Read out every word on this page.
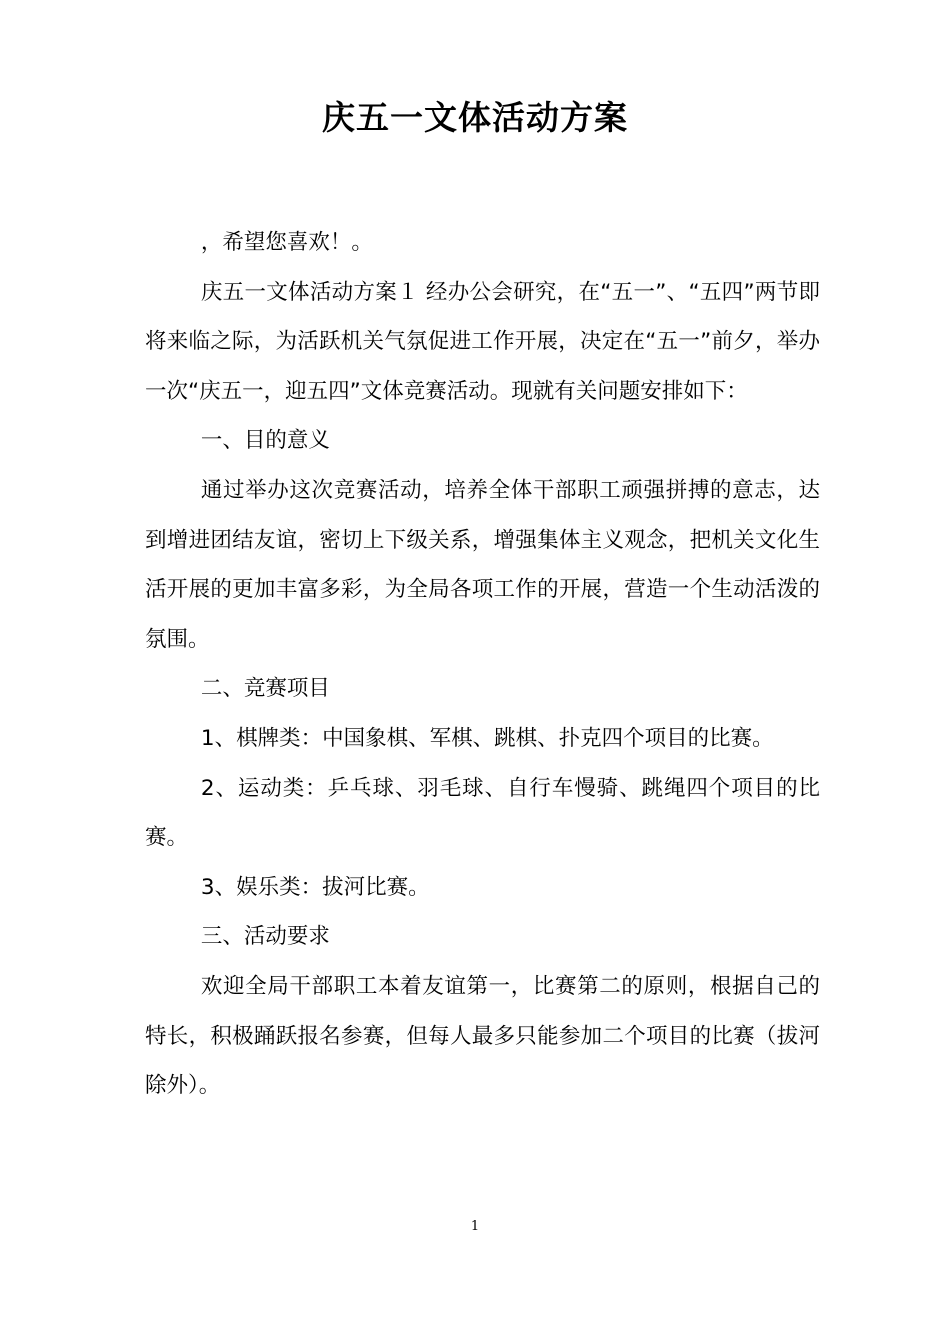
庆五一文体活动方案

，希望您喜欢！。

庆五一文体活动方案１ 经办公会研究，在“五一”、“五四”两节即将来临之际，为活跃机关气氛促进工作开展，决定在“五一”前夕，举办一次“庆五一，迎五四”文体竞赛活动。现就有关问题安排如下：

一、目的意义

通过举办这次竞赛活动，培养全体干部职工顽强拼搏的意志，达到增进团结友谊，密切上下级关系，增强集体主义观念，把机关文化生活开展的更加丰富多彩，为全局各项工作的开展，营造一个生动活泼的氛围。

二、竞赛项目

1、棋牌类：中国象棋、军棋、跳棋、扑克四个项目的比赛。

2、运动类：乒乓球、羽毛球、自行车慢骑、跳绳四个项目的比赛。

3、娱乐类：拔河比赛。

三、活动要求

欢迎全局干部职工本着友谊第一，比赛第二的原则，根据自己的特长，积极踊跃报名参赛，但每人最多只能参加二个项目的比赛（拔河除外）。

1
